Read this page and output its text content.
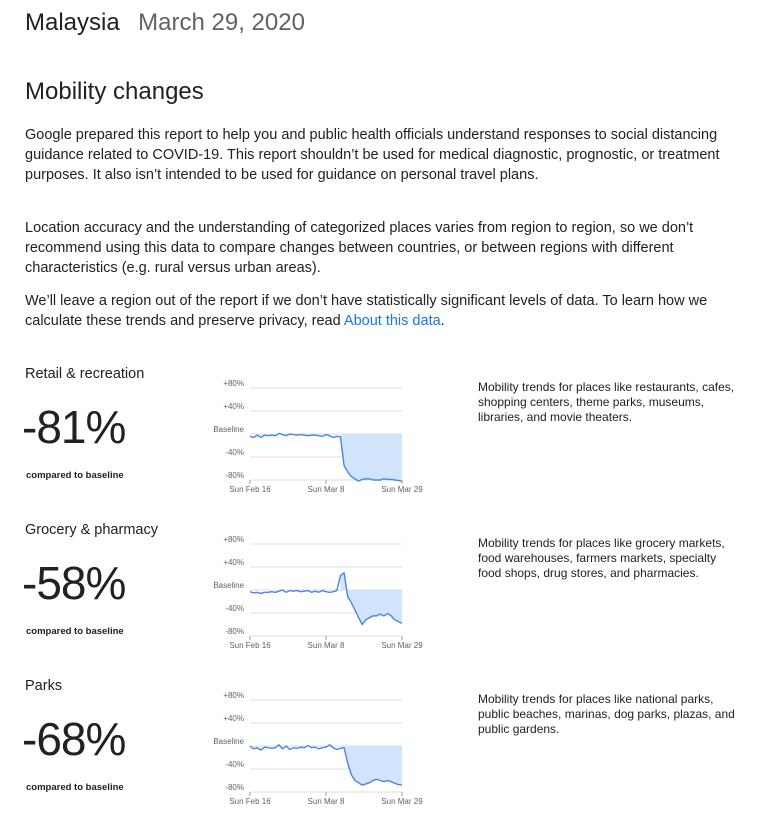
Malaysia March 29, 2020
Mobility changes

Google prepared this report to help you and public health officials understand responses to social distancing guidance related to COVID-19. This report shouldn’t be used for medical diagnostic, prognostic, or treatment purposes. It also isn’t intended to be used for guidance on personal travel plans.

Location accuracy and the understanding of categorized places varies from region to region, so we don’t recommend using this data to compare changes between countries, or between regions with different characteristics (e.g. rural versus urban areas).

We’ll leave a region out of the report if we don’t have statistically significant levels of data. To learn how we calculate these trends and preserve privacy, read About this data.

Retail & recreation
-81%
compared to baseline
+80%
+40%
Baseline
-40%
-80%
Sun Feb 16	Sun Mar 8	Sun Mar 29
Mobility trends for places like restaurants, cafes, shopping centers, theme parks, museums, libraries, and movie theaters.
Grocery & pharmacy
-58%
compared to baseline
+80%
+40%
Baseline
-40%
-80%
Sun Feb 16	Sun Mar 8	Sun Mar 29
Mobility trends for places like grocery markets, food warehouses, farmers markets, specialty food shops, drug stores, and pharmacies.
Parks
-68%
compared to baseline
+80%
+40%
Baseline
-40%
-80%
Sun Feb 16	Sun Mar 8	Sun Mar 29
Mobility trends for places like national parks, public beaches, marinas, dog parks, plazas, and public gardens.
